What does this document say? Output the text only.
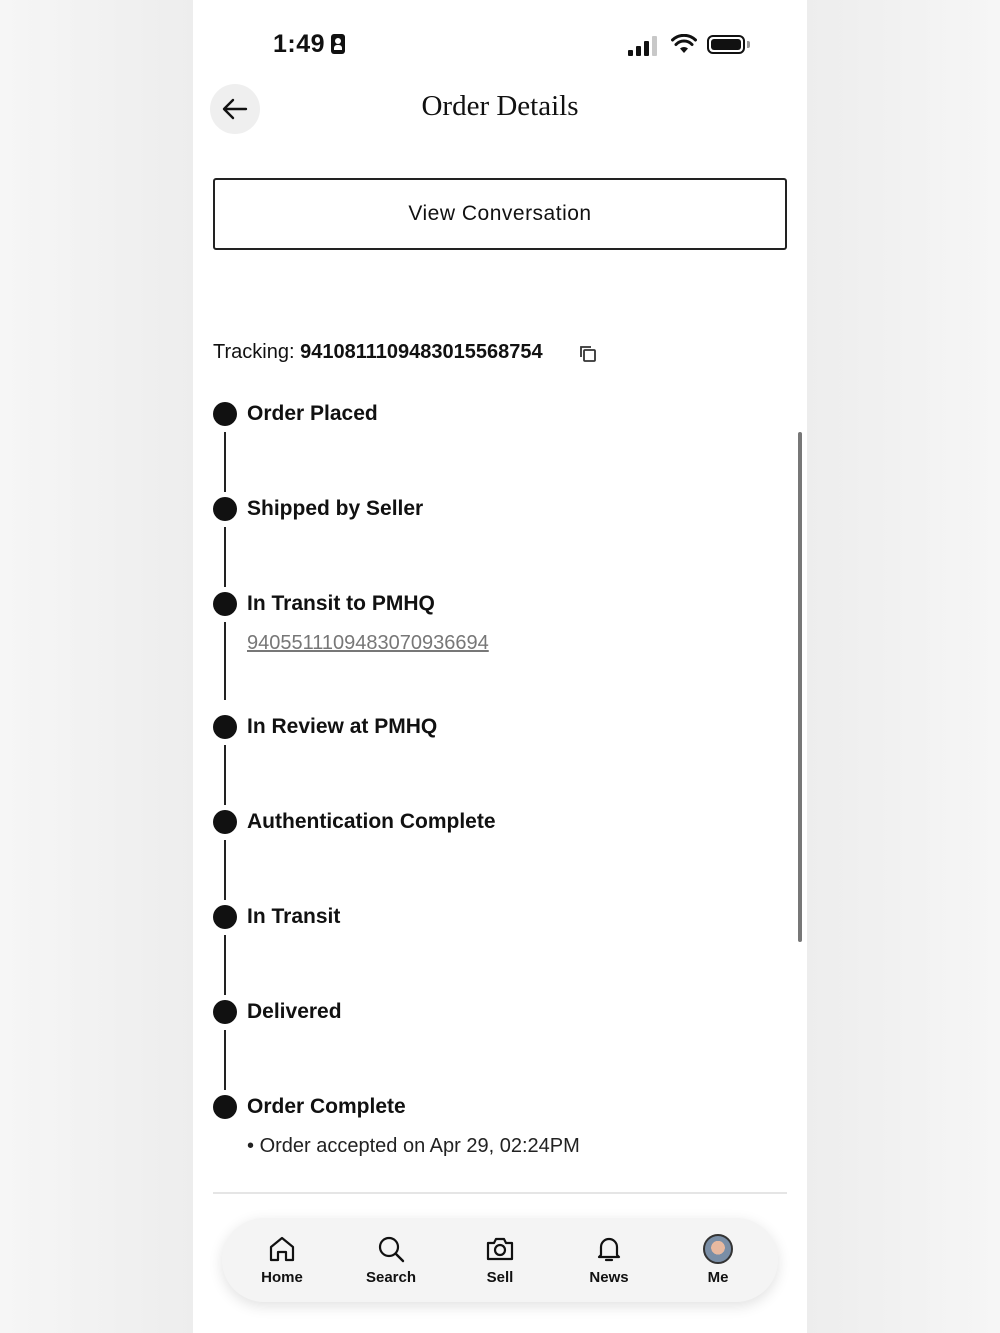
1:49
Order Details
View Conversation
Tracking: 9410811109483015568754
Order Placed
Shipped by Seller
In Transit to PMHQ
9405511109483070936694
In Review at PMHQ
Authentication Complete
In Transit
Delivered
Order Complete
• Order accepted on Apr 29, 02:24PM
Home	Search	Sell	News	Me
